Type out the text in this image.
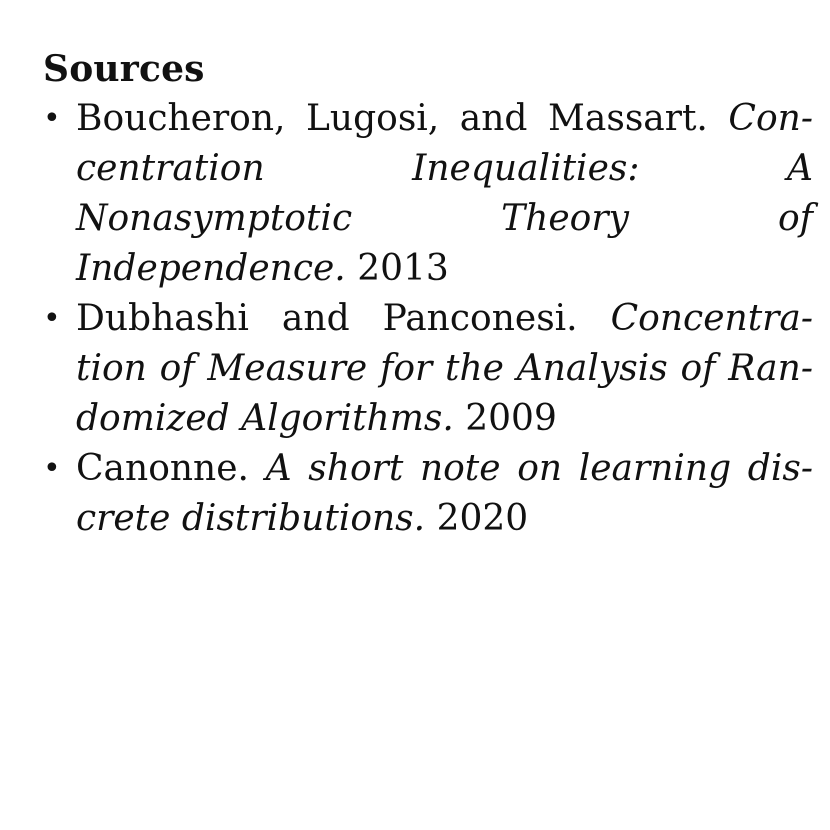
Sources
• Boucheron, Lugosi, and Massart. Con-centration Inequalities: A Nonasymptotic Theory of Independence. 2013
• Dubhashi and Panconesi. Concentra-tion of Measure for the Analysis of Ran-domized Algorithms. 2009
• Canonne. A short note on learning dis-crete distributions. 2020
